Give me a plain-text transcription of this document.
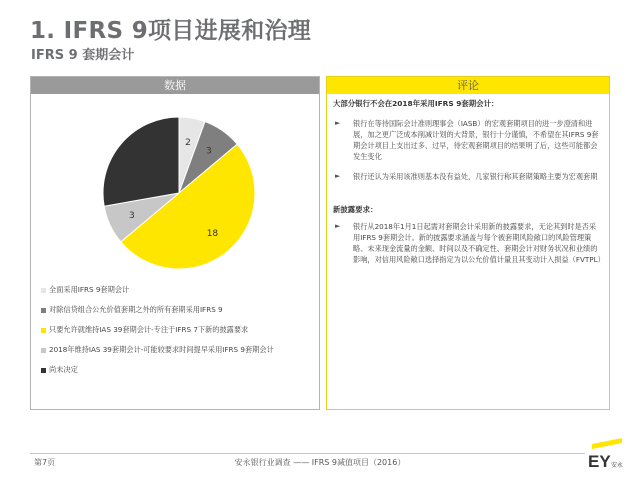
1. IFRS 9项目进展和治理
IFRS 9 套期会计
数据
2
3
18
3
10
全面采用IFRS 9套期会计
对除信贷组合公允价值套期之外的所有套期采用IFRS 9
只要允许就维持IAS 39套期会计-专注于IFRS 7下新的披露要求
2018年维持IAS 39套期会计-可能较要求时间提早采用IFRS 9套期会计
尚未决定
评论
大部分银行不会在2018年采用IFRS 9套期会计：
► 银行在等待国际会计准则理事会（IASB）的宏观套期项目的进一步澄清和进展，加之更广泛成本削减计划的大背景，银行十分谨慎，不希望在其IFRS 9套期会计项目上支出过多、过早，待宏观套期项目的结果明了后，这些可能都会发生变化
► 银行还认为采用该准则基本没有益处，几家银行称其套期策略主要为宏观套期
新披露要求：
► 银行从2018年1月1日起需对套期会计采用新的披露要求，无论其到时是否采用IFRS 9套期会计。新的披露要求涵盖与每个被套期风险敞口的风险管理策略、未来现金流量的金额、时间以及不确定性、套期会计对财务状况和业绩的影响，对信用风险敞口选择指定为以公允价值计量且其变动计入损益（FVTPL）
第7页	安永银行业调查 —— IFRS 9减值项目（2016）	EY 安永
